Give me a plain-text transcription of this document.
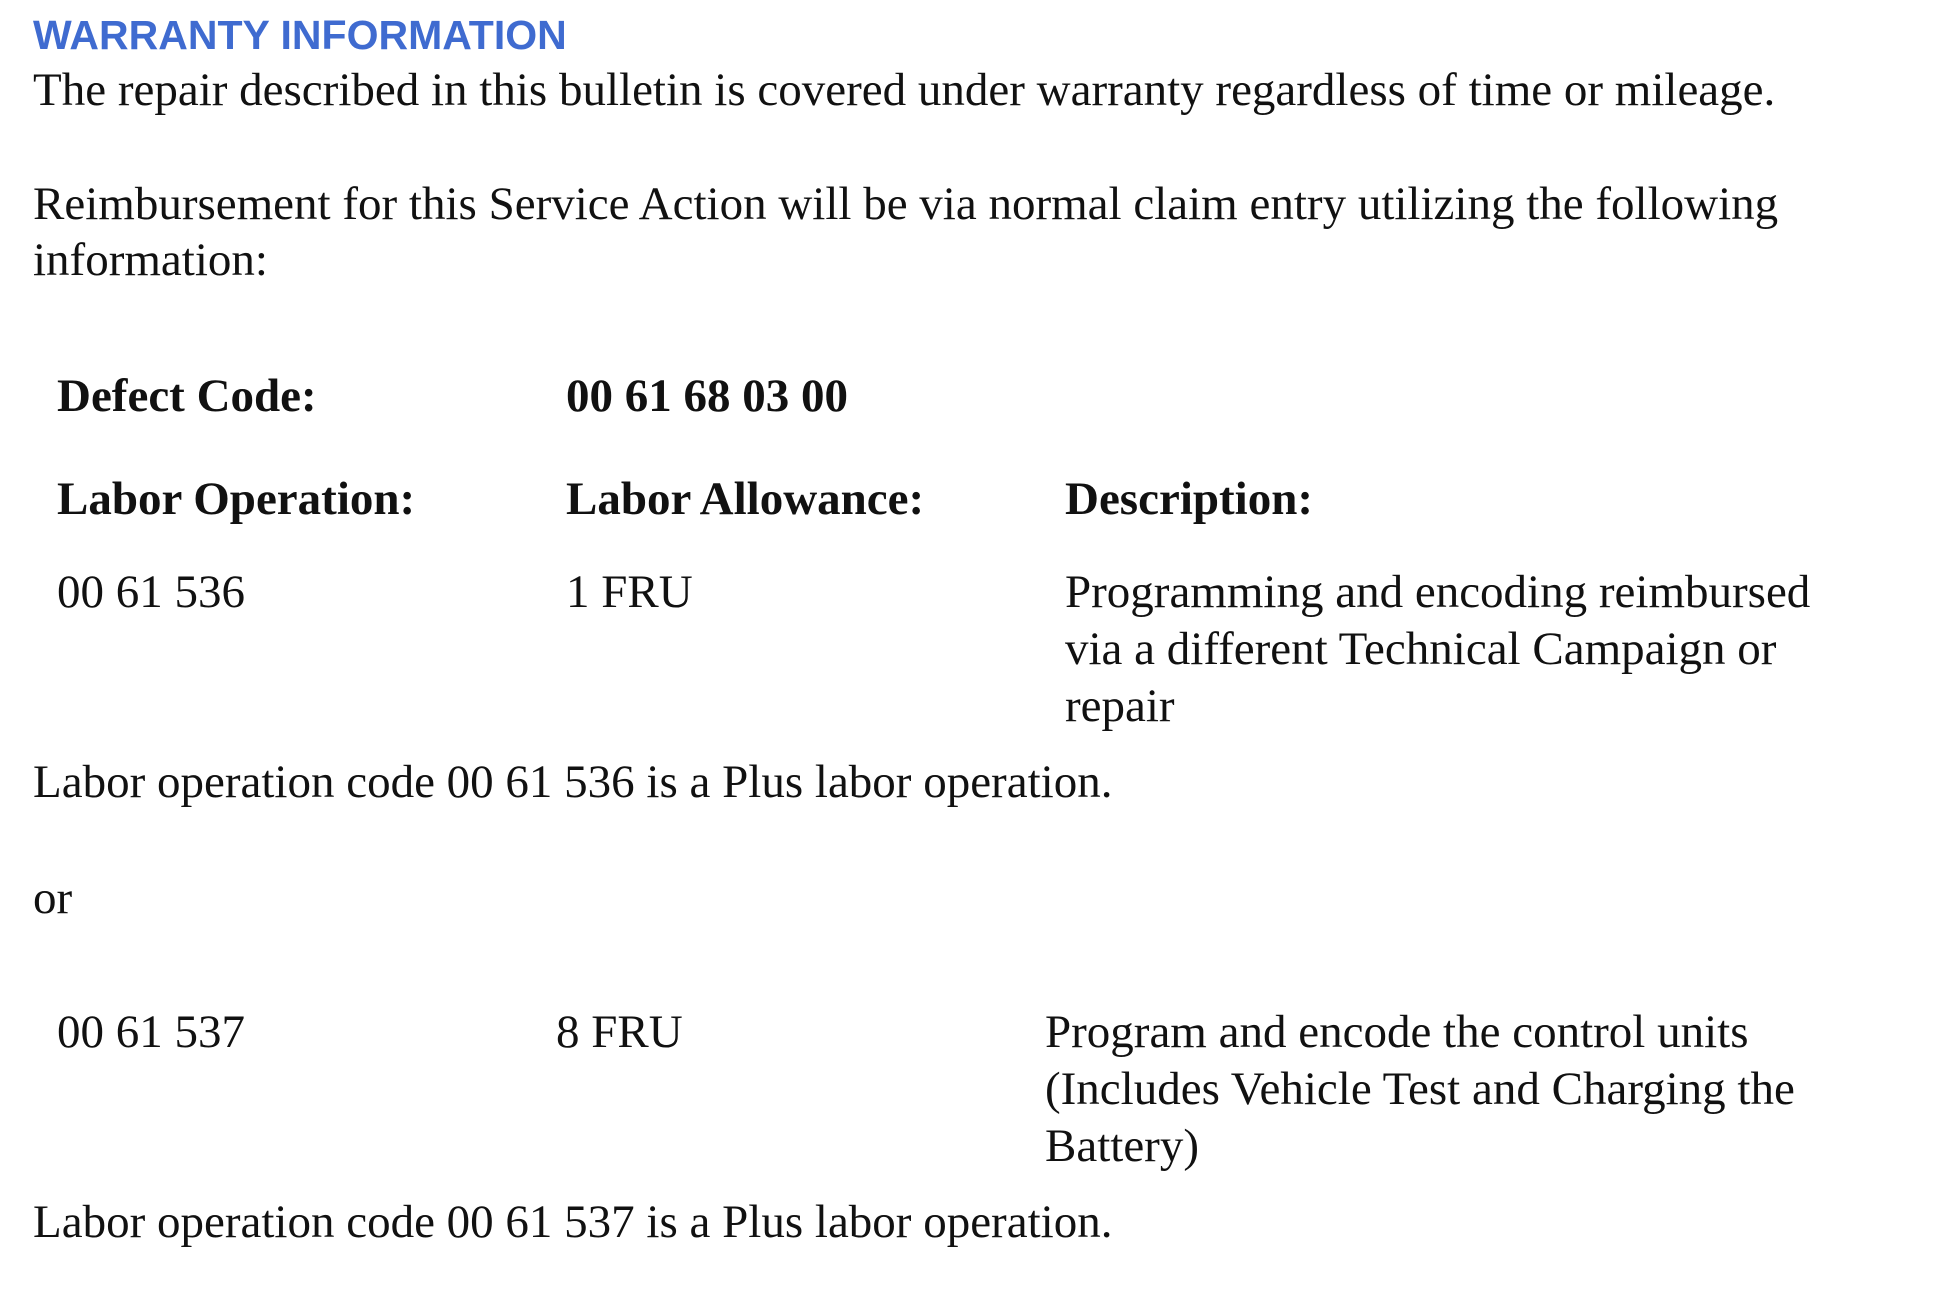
WARRANTY INFORMATION
The repair described in this bulletin is covered under warranty regardless of time or mileage.
Reimbursement for this Service Action will be via normal claim entry utilizing the following
information:
Defect Code:	00 61 68 03 00
Labor Operation:	Labor Allowance:	Description:
00 61 536	1 FRU	Programming and encoding reimbursed
via a different Technical Campaign or
repair
Labor operation code 00 61 536 is a Plus labor operation.
or
00 61 537	8 FRU	Program and encode the control units
(Includes Vehicle Test and Charging the
Battery)
Labor operation code 00 61 537 is a Plus labor operation.
